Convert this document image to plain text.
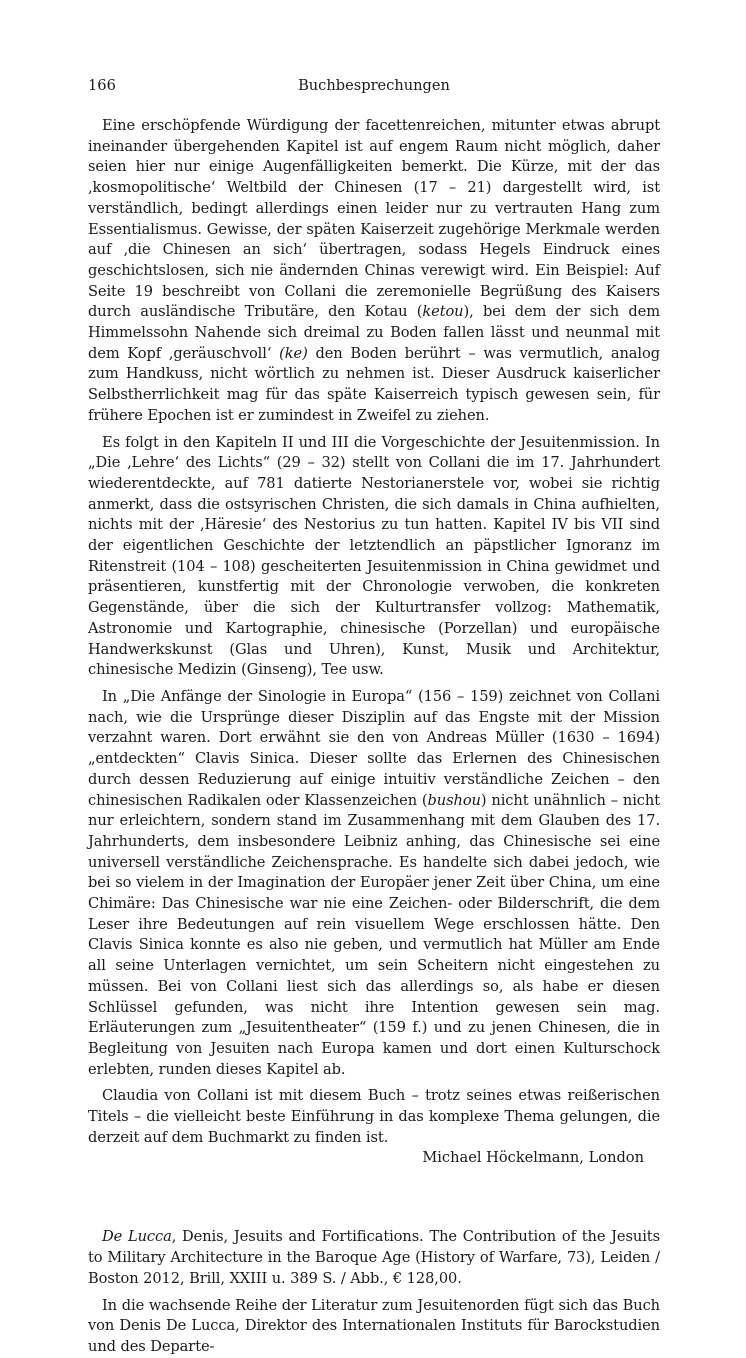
166	Buchbesprechungen

Eine erschöpfende Würdigung der facettenreichen, mitunter etwas abrupt ineinander übergehenden Kapitel ist auf engem Raum nicht möglich, daher seien hier nur einige Augenfälligkeiten bemerkt. Die Kürze, mit der das ‚kosmopolitische‘ Weltbild der Chinesen (17 – 21) dargestellt wird, ist verständlich, bedingt allerdings einen leider nur zu vertrauten Hang zum Essentialismus. Gewisse, der späten Kaiserzeit zugehörige Merkmale werden auf ‚die Chinesen an sich‘ übertragen, sodass Hegels Eindruck eines geschichtslosen, sich nie ändernden Chinas verewigt wird. Ein Beispiel: Auf Seite 19 beschreibt von Collani die zeremonielle Begrüßung des Kaisers durch ausländische Tributäre, den Kotau (ketou), bei dem der sich dem Himmelssohn Nahende sich dreimal zu Boden fallen lässt und neunmal mit dem Kopf ‚geräuschvoll‘ (ke) den Boden berührt – was vermutlich, analog zum Handkuss, nicht wörtlich zu nehmen ist. Dieser Ausdruck kaiserlicher Selbstherrlichkeit mag für das späte Kaiserreich typisch gewesen sein, für frühere Epochen ist er zumindest in Zweifel zu ziehen.

Es folgt in den Kapiteln II und III die Vorgeschichte der Jesuitenmission. In „Die ‚Lehre‘ des Lichts“ (29 – 32) stellt von Collani die im 17. Jahrhundert wiederentdeckte, auf 781 datierte Nestorianerstele vor, wobei sie richtig anmerkt, dass die ostsyrischen Christen, die sich damals in China aufhielten, nichts mit der ‚Häresie‘ des Nestorius zu tun hatten. Kapitel IV bis VII sind der eigentlichen Geschichte der letztendlich an päpstlicher Ignoranz im Ritenstreit (104 – 108) gescheiterten Jesuitenmission in China gewidmet und präsentieren, kunstfertig mit der Chronologie verwoben, die konkreten Gegenstände, über die sich der Kulturtransfer vollzog: Mathematik, Astronomie und Kartographie, chinesische (Porzellan) und europäische Handwerkskunst (Glas und Uhren), Kunst, Musik und Architektur, chinesische Medizin (Ginseng), Tee usw.

In „Die Anfänge der Sinologie in Europa“ (156 – 159) zeichnet von Collani nach, wie die Ursprünge dieser Disziplin auf das Engste mit der Mission verzahnt waren. Dort erwähnt sie den von Andreas Müller (1630 – 1694) „entdeckten“ Clavis Sinica. Dieser sollte das Erlernen des Chinesischen durch dessen Reduzierung auf einige intuitiv verständliche Zeichen – den chinesischen Radikalen oder Klassenzeichen (bushou) nicht unähnlich – nicht nur erleichtern, sondern stand im Zusammenhang mit dem Glauben des 17. Jahrhunderts, dem insbesondere Leibniz anhing, das Chinesische sei eine universell verständliche Zeichensprache. Es handelte sich dabei jedoch, wie bei so vielem in der Imagination der Europäer jener Zeit über China, um eine Chimäre: Das Chinesische war nie eine Zeichen- oder Bilderschrift, die dem Leser ihre Bedeutungen auf rein visuellem Wege erschlossen hätte. Den Clavis Sinica konnte es also nie geben, und vermutlich hat Müller am Ende all seine Unterlagen vernichtet, um sein Scheitern nicht eingestehen zu müssen. Bei von Collani liest sich das allerdings so, als habe er diesen Schlüssel gefunden, was nicht ihre Intention gewesen sein mag. Erläuterungen zum „Jesuitentheater“ (159 f.) und zu jenen Chinesen, die in Begleitung von Jesuiten nach Europa kamen und dort einen Kulturschock erlebten, runden dieses Kapitel ab.

Claudia von Collani ist mit diesem Buch – trotz seines etwas reißerischen Titels – die vielleicht beste Einführung in das komplexe Thema gelungen, die derzeit auf dem Buchmarkt zu finden ist.

Michael Höckelmann, London

De Lucca, Denis, Jesuits and Fortifications. The Contribution of the Jesuits to Military Architecture in the Baroque Age (History of Warfare, 73), Leiden / Boston 2012, Brill, XXIII u. 389 S. / Abb., € 128,00.

In die wachsende Reihe der Literatur zum Jesuitenorden fügt sich das Buch von Denis De Lucca, Direktor des Internationalen Instituts für Barockstudien und des Departe-
